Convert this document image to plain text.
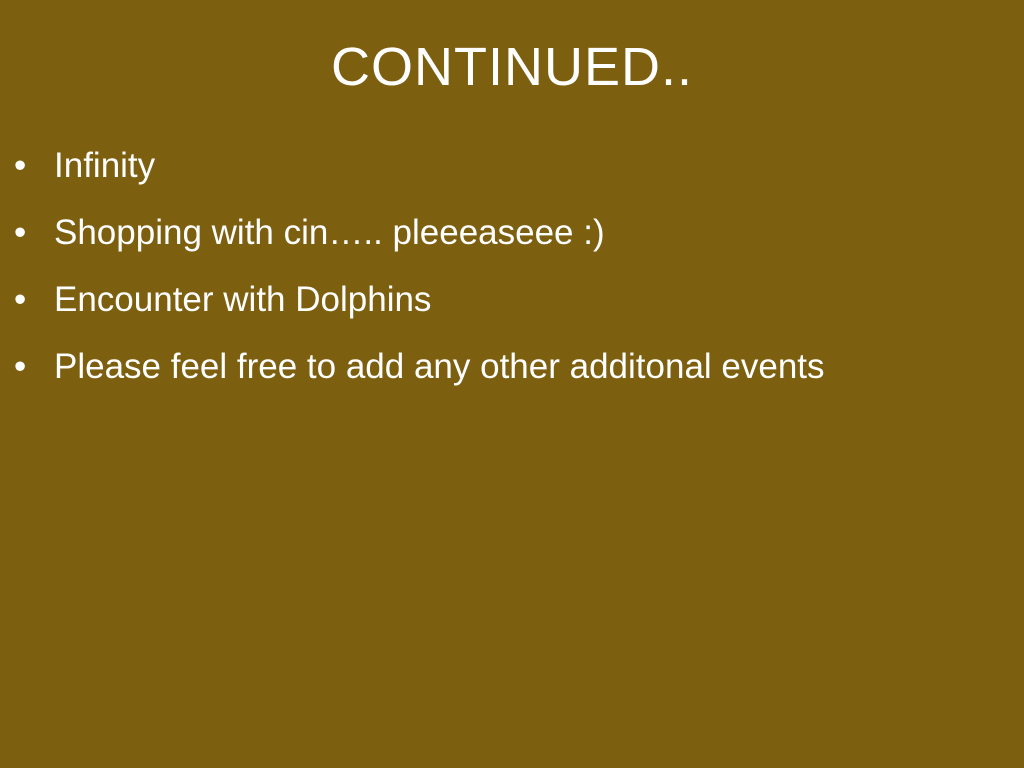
CONTINUED..
• Infinity
• Shopping with cin….. pleeeaseee :)
• Encounter with Dolphins
• Please feel free to add any other additonal events
